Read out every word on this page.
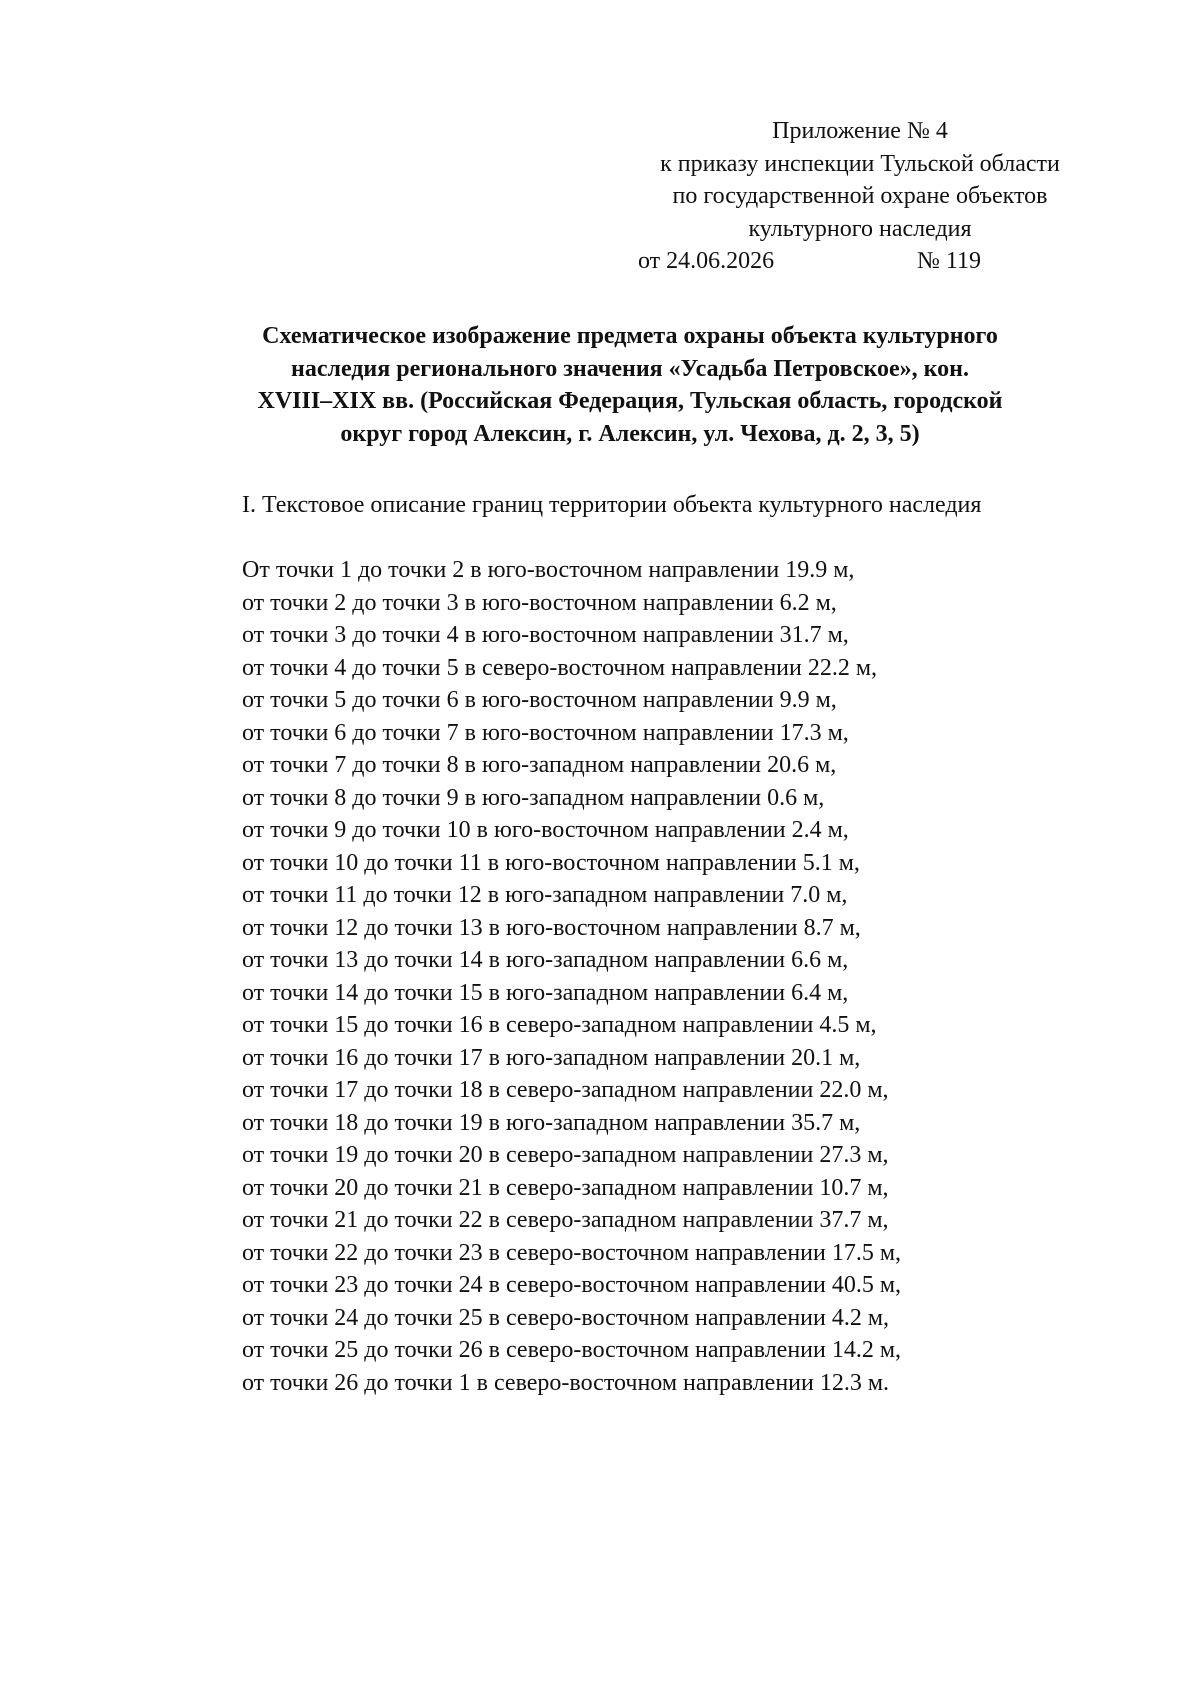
Приложение № 4
к приказу инспекции Тульской области
по государственной охране объектов
культурного наследия
от 24.06.2026	№ 119
Схематическое изображение предмета охраны объекта культурного
наследия регионального значения «Усадьба Петровское», кон.
XVIII–XIX вв. (Российская Федерация, Тульская область, городской
округ город Алексин, г. Алексин, ул. Чехова, д. 2, 3, 5)
I. Текстовое описание границ территории объекта культурного наследия
От точки 1 до точки 2 в юго-восточном направлении 19.9 м,
от точки 2 до точки 3 в юго-восточном направлении 6.2 м,
от точки 3 до точки 4 в юго-восточном направлении 31.7 м,
от точки 4 до точки 5 в северо-восточном направлении 22.2 м,
от точки 5 до точки 6 в юго-восточном направлении 9.9 м,
от точки 6 до точки 7 в юго-восточном направлении 17.3 м,
от точки 7 до точки 8 в юго-западном направлении 20.6 м,
от точки 8 до точки 9 в юго-западном направлении 0.6 м,
от точки 9 до точки 10 в юго-восточном направлении 2.4 м,
от точки 10 до точки 11 в юго-восточном направлении 5.1 м,
от точки 11 до точки 12 в юго-западном направлении 7.0 м,
от точки 12 до точки 13 в юго-восточном направлении 8.7 м,
от точки 13 до точки 14 в юго-западном направлении 6.6 м,
от точки 14 до точки 15 в юго-западном направлении 6.4 м,
от точки 15 до точки 16 в северо-западном направлении 4.5 м,
от точки 16 до точки 17 в юго-западном направлении 20.1 м,
от точки 17 до точки 18 в северо-западном направлении 22.0 м,
от точки 18 до точки 19 в юго-западном направлении 35.7 м,
от точки 19 до точки 20 в северо-западном направлении 27.3 м,
от точки 20 до точки 21 в северо-западном направлении 10.7 м,
от точки 21 до точки 22 в северо-западном направлении 37.7 м,
от точки 22 до точки 23 в северо-восточном направлении 17.5 м,
от точки 23 до точки 24 в северо-восточном направлении 40.5 м,
от точки 24 до точки 25 в северо-восточном направлении 4.2 м,
от точки 25 до точки 26 в северо-восточном направлении 14.2 м,
от точки 26 до точки 1 в северо-восточном направлении 12.3 м.
